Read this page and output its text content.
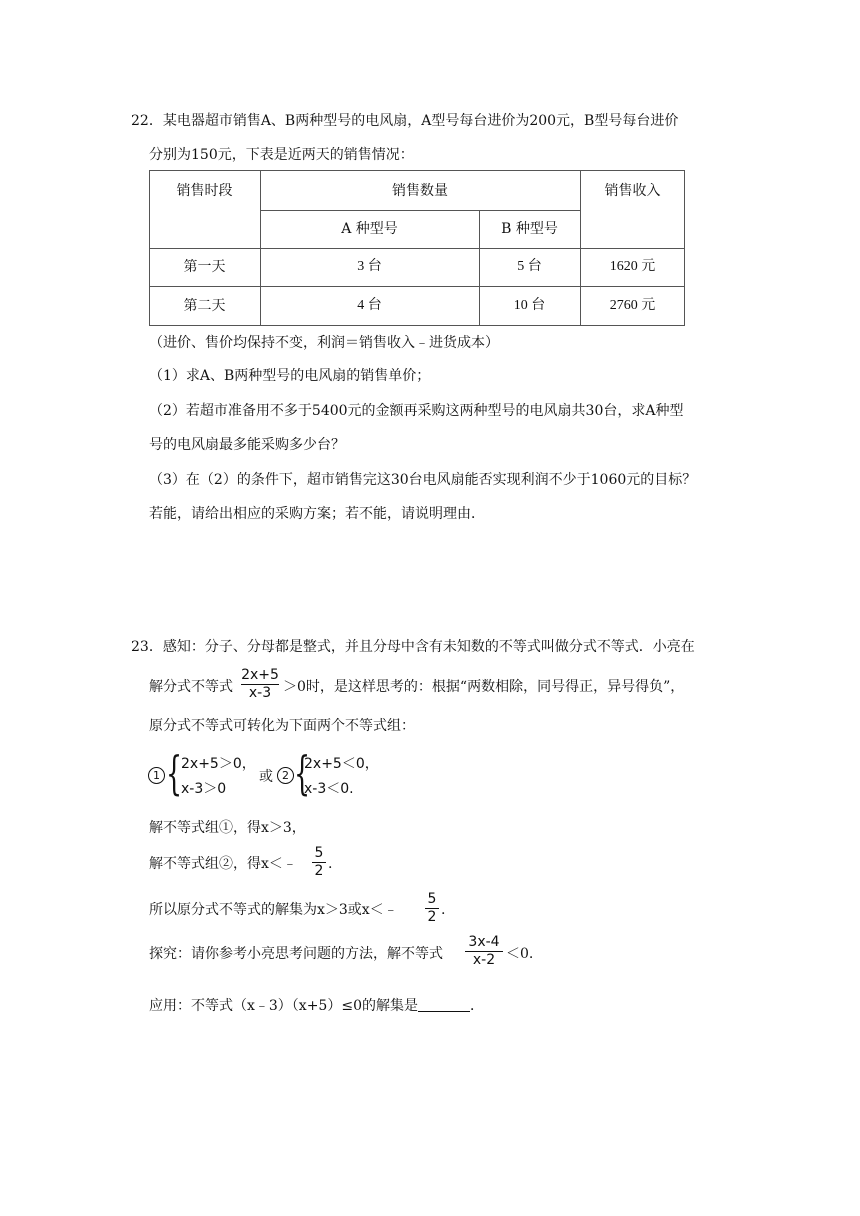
22．某电器超市销售A、B两种型号的电风扇，A型号每台进价为200元，B型号每台进价
分别为150元，下表是近两天的销售情况：
销售时段	销售数量	销售收入
A 种型号	B 种型号
第一天	3 台	5 台	1620 元
第二天	4 台	10 台	2760 元
（进价、售价均保持不变，利润＝销售收入﹣进货成本）
（1）求A、B两种型号的电风扇的销售单价；
（2）若超市准备用不多于5400元的金额再采购这两种型号的电风扇共30台，求A种型
号的电风扇最多能采购多少台？
（3）在（2）的条件下，超市销售完这30台电风扇能否实现利润不少于1060元的目标？
若能，请给出相应的采购方案；若不能，请说明理由．
23．感知：分子、分母都是整式，并且分母中含有未知数的不等式叫做分式不等式．小亮在
解分式不等式
2x+5
x-3 ＞0时，是这样思考的：根据“两数相除，同号得正，异号得负”，
原分式不等式可转化为下面两个不等式组：
1 {
2x+5＞0，
x-3＞0
或 2 {
2x+5＜0，
x-3＜0.
解不等式组①，得x＞3，
解不等式组②，得x＜﹣
5
2 .
所以原分式不等式的解集为x＞3或x＜﹣
5
2 .
探究：请你参考小亮思考问题的方法，解不等式
3x-4
x-2 ＜0.
应用：不等式（x﹣3）（x+5）≤0的解集是	．
